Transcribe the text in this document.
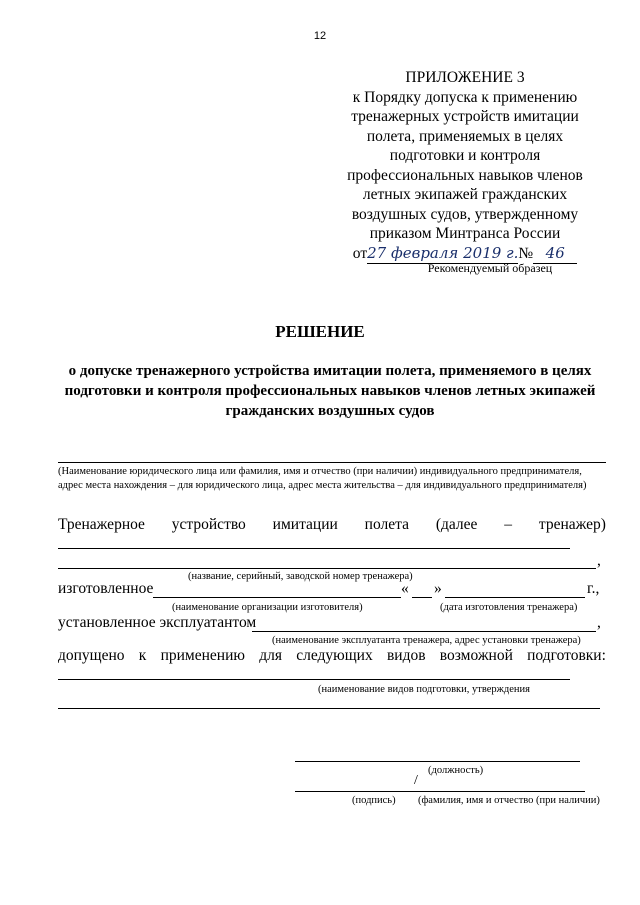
12
ПРИЛОЖЕНИЕ 3
к Порядку допуска к применению
тренажерных устройств имитации
полета, применяемых в целях
подготовки и контроля
профессиональных навыков членов
летных экипажей гражданских
воздушных судов, утвержденному
приказом Минтранса России
от27 февраля 2019 г.№ 46
Рекомендуемый образец
РЕШЕНИЕ
о допуске тренажерного устройства имитации полета, применяемого в целях
подготовки и контроля профессиональных навыков членов летных экипажей
гражданских воздушных судов
(Наименование юридического лица или фамилия, имя и отчество (при наличии) индивидуального предпринимателя,
адрес места нахождения – для юридического лица, адрес места жительства – для индивидуального предпринимателя)
Тренажерное устройство имитации полета (далее – тренажер)
,
(название, серийный, заводской номер тренажера)
изготовленное	« »	г.,
(наименование организации изготовителя)	(дата изготовления тренажера)
установленное эксплуатантом	,
(наименование эксплуатанта тренажера, адрес установки тренажера)
допущено к применению для следующих видов возможной подготовки:
(наименование видов подготовки, утверждения
(должность)
/
(подпись) (фамилия, имя и отчество (при наличии)
